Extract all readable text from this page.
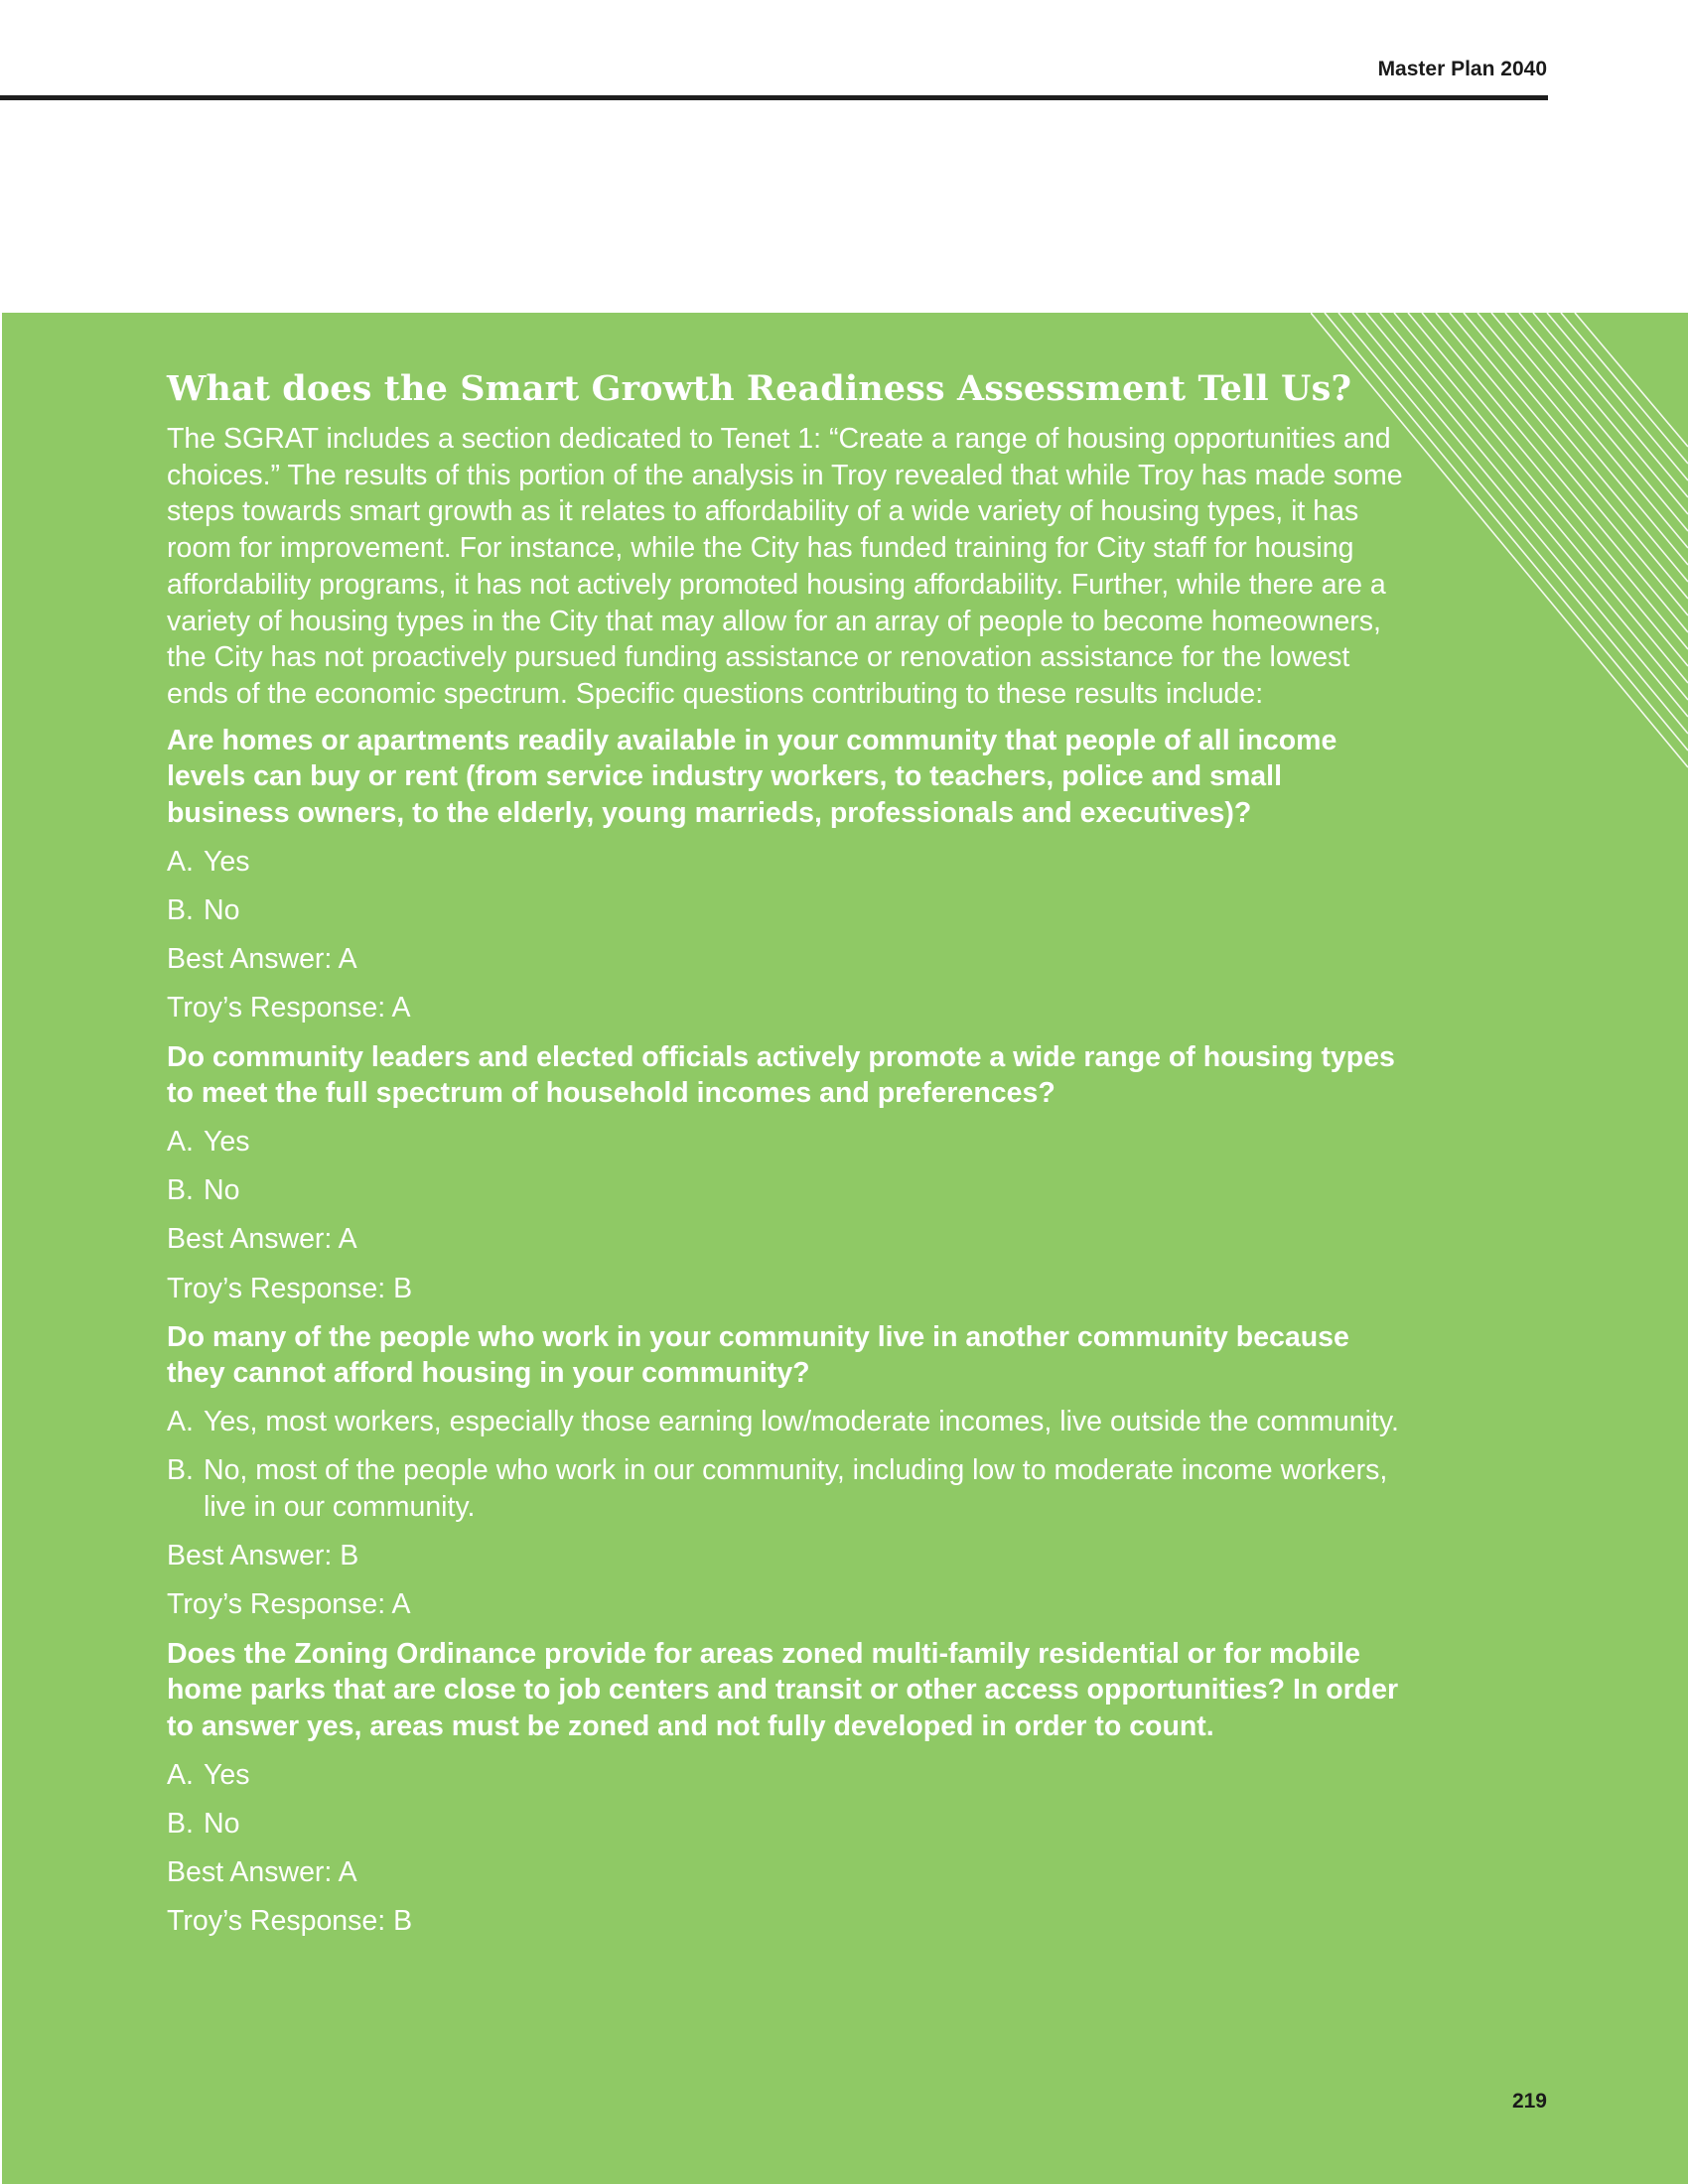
Master Plan 2040
What does the Smart Growth Readiness Assessment Tell Us?

The SGRAT includes a section dedicated to Tenet 1: “Create a range of housing opportunities and choices.” The results of this portion of the analysis in Troy revealed that while Troy has made some steps towards smart growth as it relates to affordability of a wide variety of housing types, it has room for improvement. For instance, while the City has funded training for City staff for housing affordability programs, it has not actively promoted housing affordability. Further, while there are a variety of housing types in the City that may allow for an array of people to become homeowners, the City has not proactively pursued funding assistance or renovation assistance for the lowest ends of the economic spectrum. Specific questions contributing to these results include:

Are homes or apartments readily available in your community that people of all income levels can buy or rent (from service industry workers, to teachers, police and small business owners, to the elderly, young marrieds, professionals and executives)?

A. Yes
B. No
Best Answer: A
Troy’s Response: A

Do community leaders and elected officials actively promote a wide range of housing types to meet the full spectrum of household incomes and preferences?

A. Yes
B. No
Best Answer: A
Troy’s Response: B

Do many of the people who work in your community live in another community because they cannot afford housing in your community?

A. Yes, most workers, especially those earning low/moderate incomes, live outside the community.
B. No, most of the people who work in our community, including low to moderate income workers, live in our community.
Best Answer: B
Troy’s Response: A

Does the Zoning Ordinance provide for areas zoned multi-family residential or for mobile home parks that are close to job centers and transit or other access opportunities? In order to answer yes, areas must be zoned and not fully developed in order to count.

A. Yes
B. No
Best Answer: A
Troy’s Response: B
219
